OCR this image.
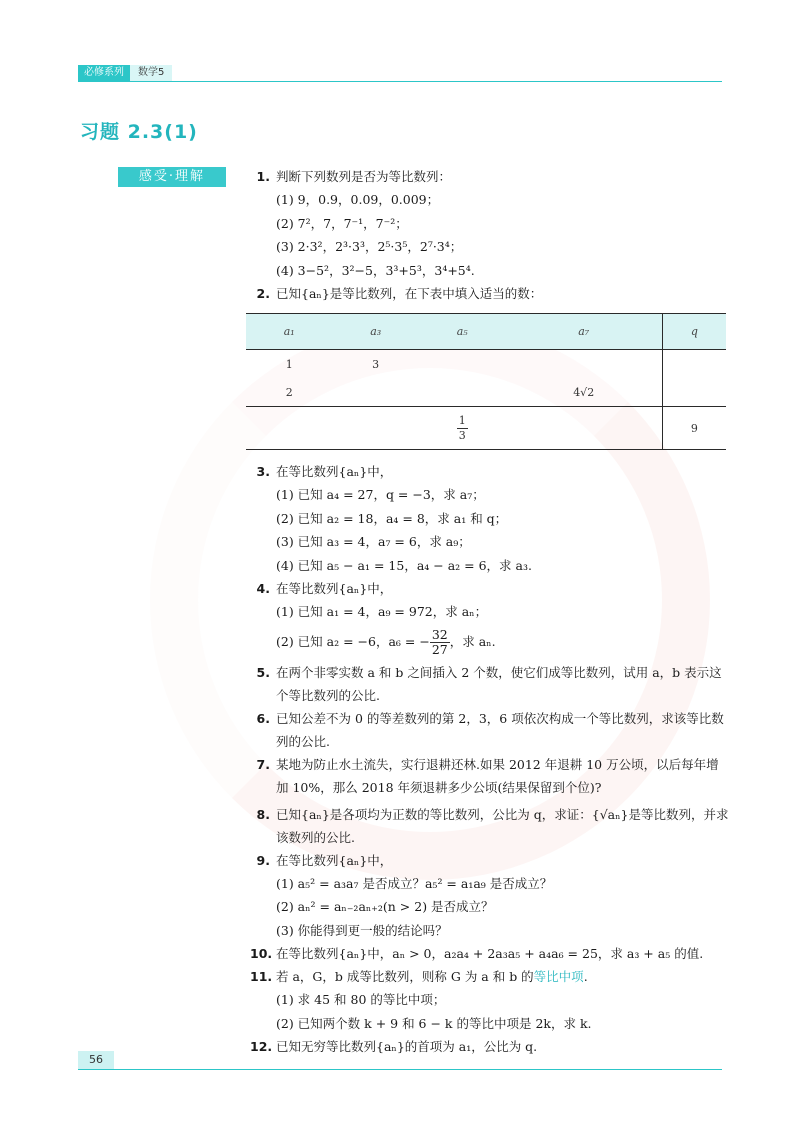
必修系列	数学5
习题 2.3(1)
感受·理解	1. 判断下列数列是否为等比数列：
(1) 9，0.9，0.09，0.009；
(2) 7²，7，7⁻¹，7⁻²；
(3) 2·3²，2³·3³，2⁵·3⁵，2⁷·3⁴；
(4) 3−5²，3²−5，3³+5³，3⁴+5⁴.
2. 已知{aₙ}是等比数列，在下表中填入适当的数：
a₁	a₃	a₅	a₇	q
1	3			
2			4√2	

		$\frac{1}{3}$		9
3. 在等比数列{aₙ}中，
(1) 已知 a₄ = 27，q = −3，求 a₇；
(2) 已知 a₂ = 18，a₄ = 8，求 a₁ 和 q；
(3) 已知 a₃ = 4，a₇ = 6，求 a₉；
(4) 已知 a₅ − a₁ = 15，a₄ − a₂ = 6，求 a₃.
4. 在等比数列{aₙ}中，
(1) 已知 a₁ = 4，a₉ = 972，求 aₙ；
(2) 已知 a₂ = −6，a₆ = − $\frac{32}{27}$ ，求 aₙ.
5. 在两个非零实数 a 和 b 之间插入 2 个数，使它们成等比数列，试用 a，b 表示这个等比数列的公比.
6. 已知公差不为 0 的等差数列的第 2，3，6 项依次构成一个等比数列，求该等比数列的公比.
7. 某地为防止水土流失，实行退耕还林.如果 2012 年退耕 10 万公顷，以后每年增加 10%，那么 2018 年须退耕多少公顷(结果保留到个位)?
8. 已知{aₙ}是各项均为正数的等比数列，公比为 q，求证：{√aₙ}是等比数列，并求该数列的公比.
9. 在等比数列{aₙ}中，
(1) a₅² = a₃a₇ 是否成立？a₅² = a₁a₉ 是否成立？
(2) aₙ² = aₙ₋₂aₙ₊₂(n > 2) 是否成立？
(3) 你能得到更一般的结论吗？
10. 在等比数列{aₙ}中，aₙ > 0，a₂a₄ + 2a₃a₅ + a₄a₆ = 25，求 a₃ + a₅ 的值.
11. 若 a，G，b 成等比数列，则称 G 为 a 和 b 的等比中项.
(1) 求 45 和 80 的等比中项；
(2) 已知两个数 k + 9 和 6 − k 的等比中项是 2k，求 k.
12. 已知无穷等比数列{aₙ}的首项为 a₁，公比为 q.
56
